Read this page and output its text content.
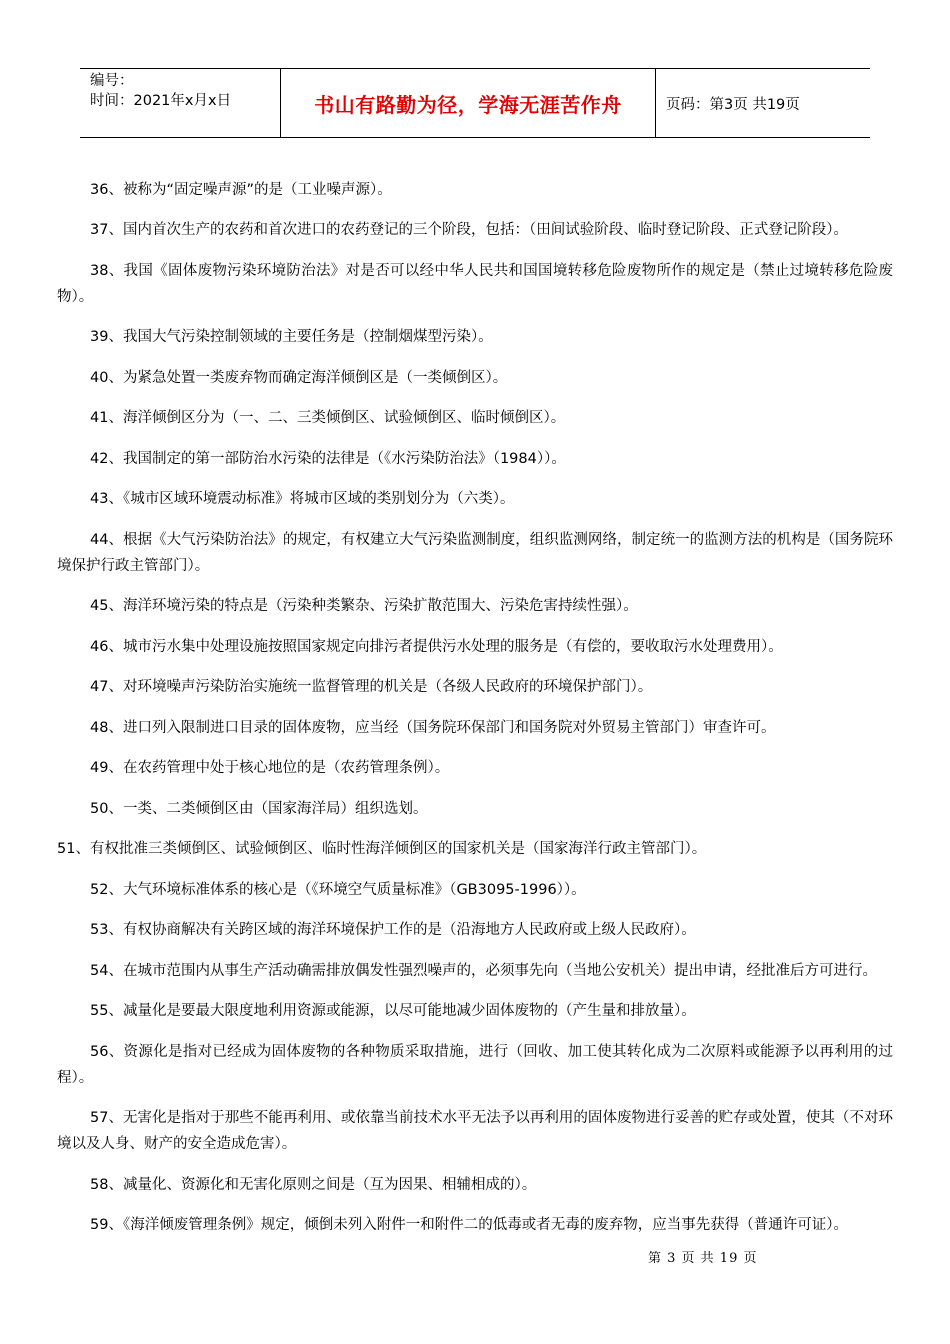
编号：
时间：2021年x月x日	书山有路勤为径，学海无涯苦作舟	页码：第3页 共19页

36、被称为“固定噪声源”的是（工业噪声源）。

37、国内首次生产的农药和首次进口的农药登记的三个阶段，包括：（田间试验阶段、临时登记阶段、正式登记阶段）。

38、我国《固体废物污染环境防治法》对是否可以经中华人民共和国国境转移危险废物所作的规定是（禁止过境转移危险废物）。

39、我国大气污染控制领域的主要任务是（控制烟煤型污染）。

40、为紧急处置一类废弃物而确定海洋倾倒区是（一类倾倒区）。

41、海洋倾倒区分为（一、二、三类倾倒区、试验倾倒区、临时倾倒区）。

42、我国制定的第一部防治水污染的法律是（《水污染防治法》（1984））。

43、《城市区域环境震动标准》将城市区域的类别划分为（六类）。

44、根据《大气污染防治法》的规定，有权建立大气污染监测制度，组织监测网络，制定统一的监测方法的机构是（国务院环境保护行政主管部门）。

45、海洋环境污染的特点是（污染种类繁杂、污染扩散范围大、污染危害持续性强）。

46、城市污水集中处理设施按照国家规定向排污者提供污水处理的服务是（有偿的，要收取污水处理费用）。

47、对环境噪声污染防治实施统一监督管理的机关是（各级人民政府的环境保护部门）。

48、进口列入限制进口目录的固体废物，应当经（国务院环保部门和国务院对外贸易主管部门）审查许可。

49、在农药管理中处于核心地位的是（农药管理条例）。

50、一类、二类倾倒区由（国家海洋局）组织选划。

51、有权批准三类倾倒区、试验倾倒区、临时性海洋倾倒区的国家机关是（国家海洋行政主管部门）。

52、大气环境标准体系的核心是（《环境空气质量标准》（GB3095-1996））。

53、有权协商解决有关跨区域的海洋环境保护工作的是（沿海地方人民政府或上级人民政府）。

54、在城市范围内从事生产活动确需排放偶发性强烈噪声的，必须事先向（当地公安机关）提出申请，经批准后方可进行。

55、减量化是要最大限度地利用资源或能源，以尽可能地减少固体废物的（产生量和排放量）。

56、资源化是指对已经成为固体废物的各种物质采取措施，进行（回收、加工使其转化成为二次原料或能源予以再利用的过程）。

57、无害化是指对于那些不能再利用、或依靠当前技术水平无法予以再利用的固体废物进行妥善的贮存或处置，使其（不对环境以及人身、财产的安全造成危害）。

58、减量化、资源化和无害化原则之间是（互为因果、相辅相成的）。

59、《海洋倾废管理条例》规定，倾倒未列入附件一和附件二的低毒或者无毒的废弃物，应当事先获得（普通许可证）。

第 3 页 共 19 页
